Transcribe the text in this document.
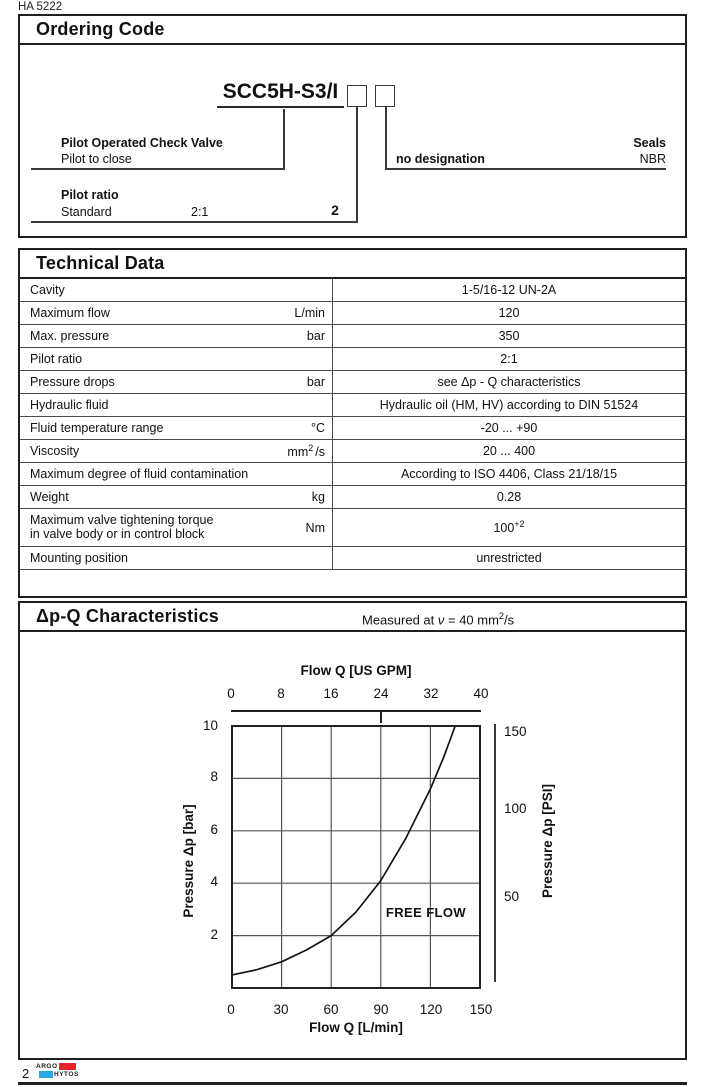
HA 5222
Ordering Code
SCC5H-S3/I
Pilot Operated Check Valve
Pilot to close
Pilot ratio
Standard	2:1	2
Seals
no designation	NBR
Technical Data
Cavity	1-5/16-12 UN-2A

Maximum flow L/min	120

Max. pressure bar	350

Pilot ratio	2:1

Pressure drops bar	see Δp - Q characteristics

Hydraulic fluid	Hydraulic oil (HM, HV) according to DIN 51524

Fluid temperature range °C	-20 ... +90

Viscosity $mm^2$ /s	20 ... 400

Maximum degree of fluid contamination	According to ISO 4406, Class 21/18/15

Weight kg	0.28

Maximum valve tightening torque
in valve body or in control block Nm	$100^{+2}$

Mounting position	unrestricted
Δp-Q Characteristics	Measured at ν = 40 $mm^2/s$
Flow Q [US GPM]
0	8	16	24	32	40
Pressure Δp [bar]
10
8
6
4
2
FREE FLOW
150
100
50	Pressure Δp [PSI]
0	30	60	90	120	150
Flow Q [L/min]
2 ARGO
HYTOS
